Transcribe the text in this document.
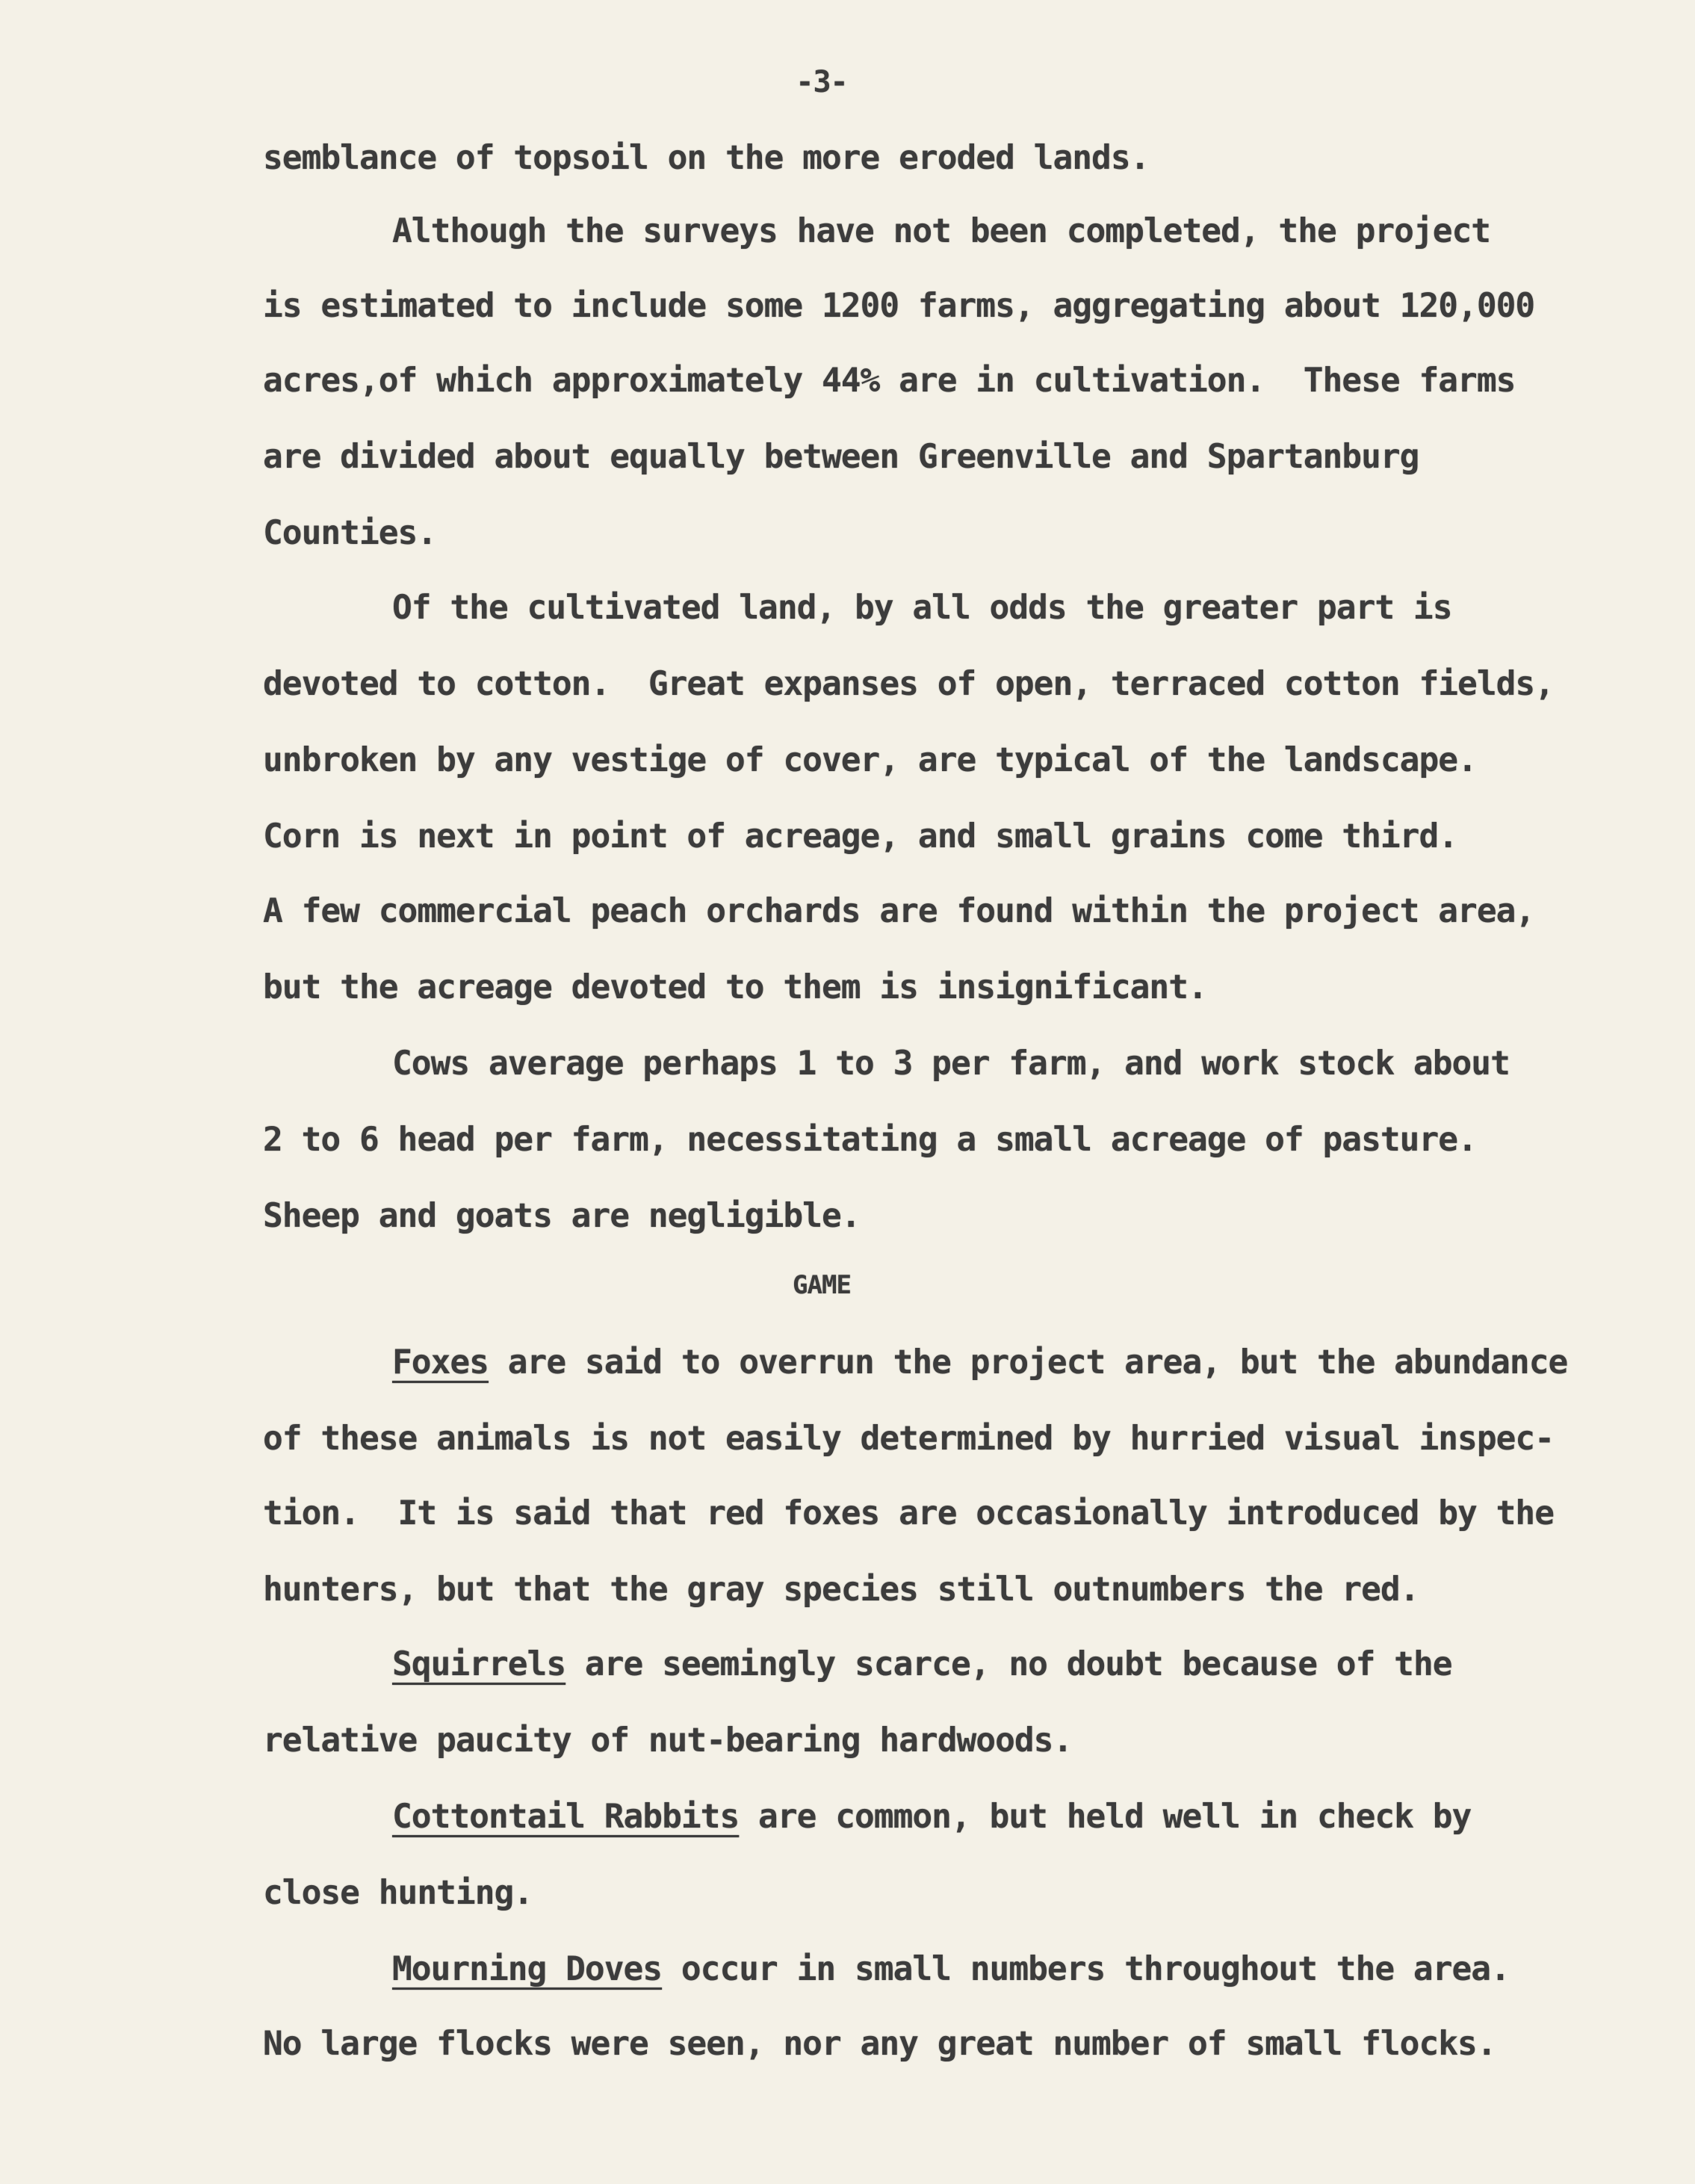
-3-
semblance of topsoil on the more eroded lands.
Although the surveys have not been completed, the project
is estimated to include some 1200 farms, aggregating about 120,000
acres,of which approximately 44% are in cultivation.  These farms
are divided about equally between Greenville and Spartanburg
Counties.
Of the cultivated land, by all odds the greater part is
devoted to cotton.  Great expanses of open, terraced cotton fields,
unbroken by any vestige of cover, are typical of the landscape.
Corn is next in point of acreage, and small grains come third.
A few commercial peach orchards are found within the project area,
but the acreage devoted to them is insignificant.
Cows average perhaps 1 to 3 per farm, and work stock about
2 to 6 head per farm, necessitating a small acreage of pasture.
Sheep and goats are negligible.
GAME
Foxes are said to overrun the project area, but the abundance
of these animals is not easily determined by hurried visual inspec-
tion.  It is said that red foxes are occasionally introduced by the
hunters, but that the gray species still outnumbers the red.
Squirrels are seemingly scarce, no doubt because of the
relative paucity of nut-bearing hardwoods.
Cottontail Rabbits are common, but held well in check by
close hunting.
Mourning Doves occur in small numbers throughout the area.
No large flocks were seen, nor any great number of small flocks.
